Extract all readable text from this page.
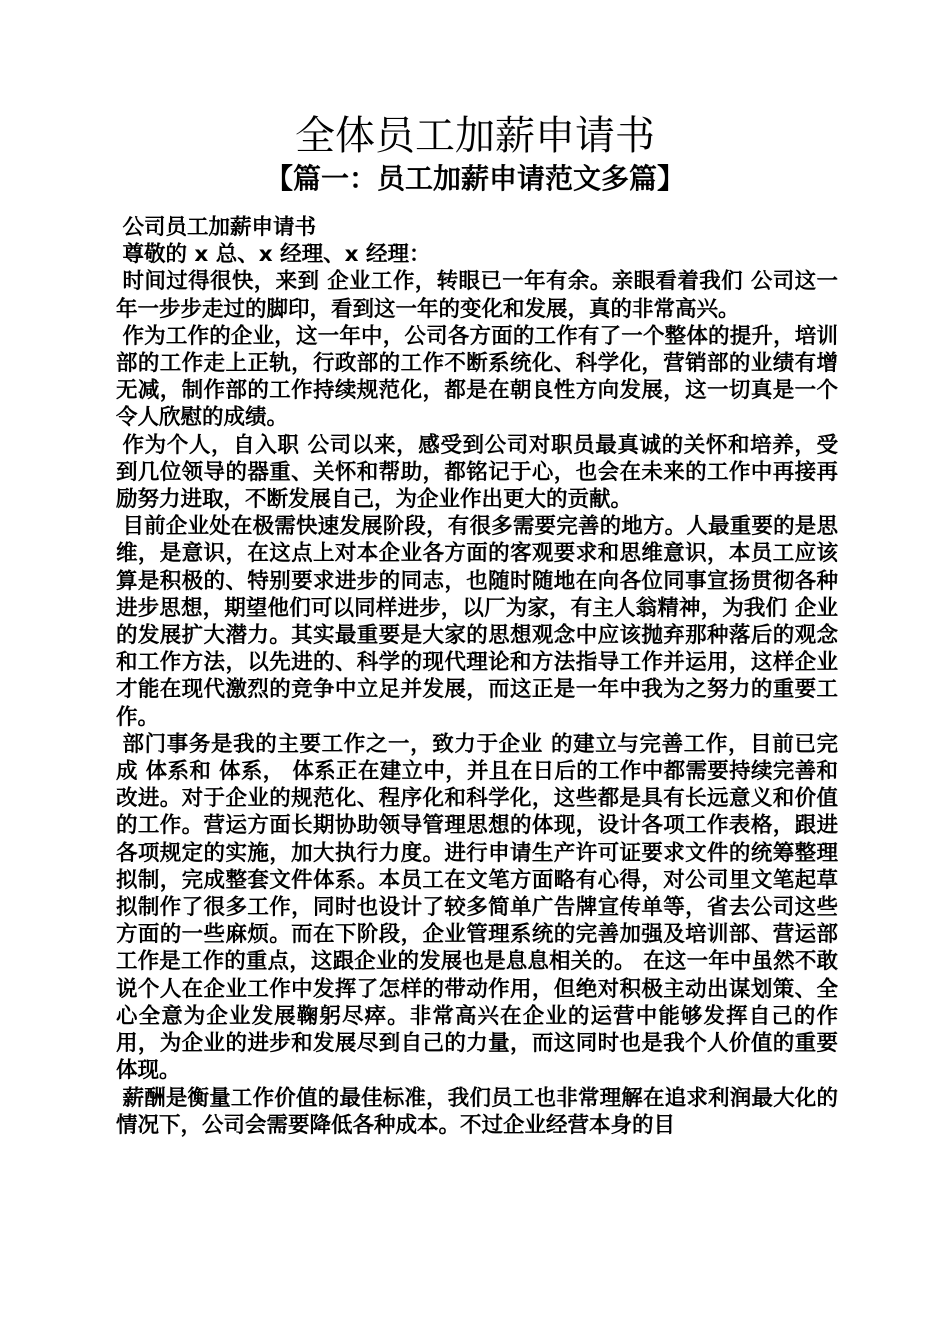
全体员工加薪申请书
【篇一：员工加薪申请范文多篇】

公司员工加薪申请书

尊敬的 x 总、x 经理、x 经理：

时间过得很快，来到 企业工作，转眼已一年有余。亲眼看着我们 公司这一年一步步走过的脚印，看到这一年的变化和发展，真的非常高兴。

作为工作的企业，这一年中，公司各方面的工作有了一个整体的提升，培训部的工作走上正轨，行政部的工作不断系统化、科学化，营销部的业绩有增无减，制作部的工作持续规范化，都是在朝良性方向发展，这一切真是一个令人欣慰的成绩。

作为个人，自入职 公司以来，感受到公司对职员最真诚的关怀和培养，受到几位领导的器重、关怀和帮助，都铭记于心，也会在未来的工作中再接再励努力进取，不断发展自己，为企业作出更大的贡献。

目前企业处在极需快速发展阶段，有很多需要完善的地方。人最重要的是思维，是意识，在这点上对本企业各方面的客观要求和思维意识，本员工应该算是积极的、特别要求进步的同志，也随时随地在向各位同事宣扬贯彻各种进步思想，期望他们可以同样进步，以厂为家，有主人翁精神，为我们 企业的发展扩大潜力。其实最重要是大家的思想观念中应该抛弃那种落后的观念和工作方法，以先进的、科学的现代理论和方法指导工作并运用，这样企业才能在现代激烈的竞争中立足并发展，而这正是一年中我为之努力的重要工作。

部门事务是我的主要工作之一，致力于企业 的建立与完善工作，目前已完成 体系和 体系， 体系正在建立中，并且在日后的工作中都需要持续完善和改进。对于企业的规范化、程序化和科学化，这些都是具有长远意义和价值的工作。营运方面长期协助领导管理思想的体现，设计各项工作表格，跟进各项规定的实施，加大执行力度。进行申请生产许可证要求文件的统筹整理拟制，完成整套文件体系。本员工在文笔方面略有心得，对公司里文笔起草拟制作了很多工作，同时也设计了较多简单广告牌宣传单等，省去公司这些方面的一些麻烦。而在下阶段，企业管理系统的完善加强及培训部、营运部工作是工作的重点，这跟企业的发展也是息息相关的。 在这一年中虽然不敢说个人在企业工作中发挥了怎样的带动作用，但绝对积极主动出谋划策、全心全意为企业发展鞠躬尽瘁。非常高兴在企业的运营中能够发挥自己的作用，为企业的进步和发展尽到自己的力量，而这同时也是我个人价值的重要体现。

薪酬是衡量工作价值的最佳标准，我们员工也非常理解在追求利润最大化的情况下，公司会需要降低各种成本。不过企业经营本身的目
